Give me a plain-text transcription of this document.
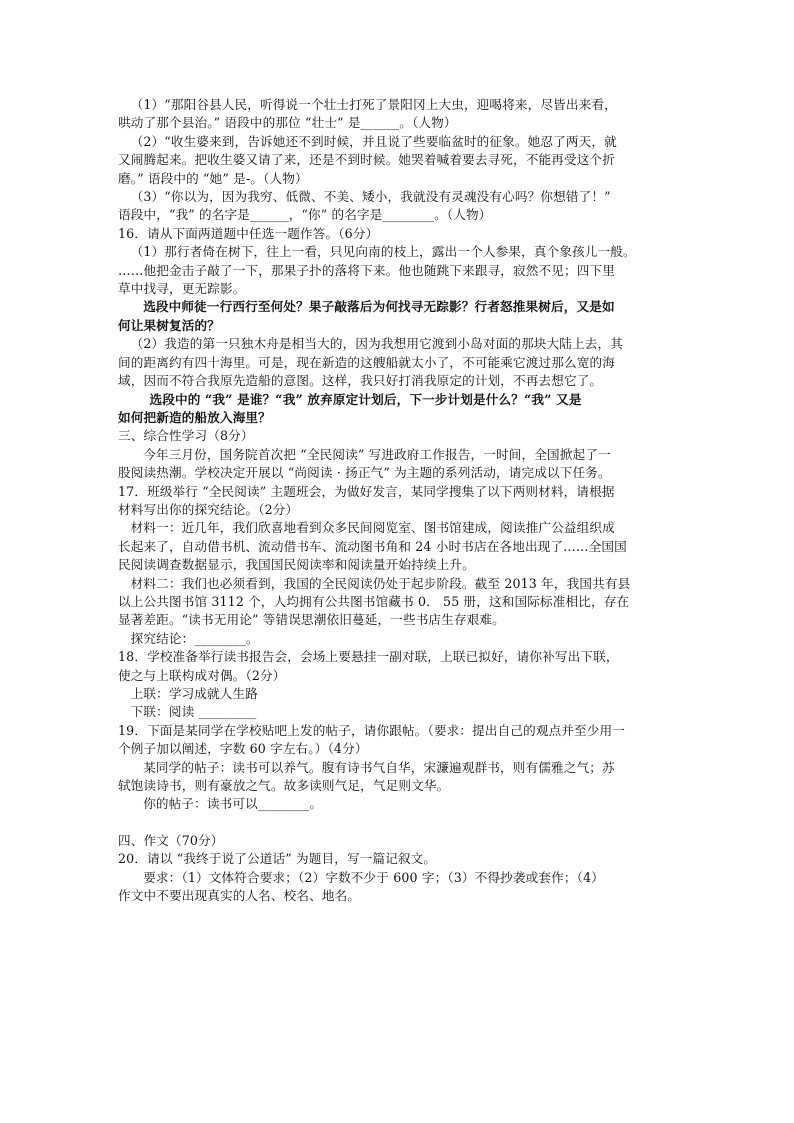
（1）“那阳谷县人民，听得说一个壮士打死了景阳冈上大虫，迎喝将来，尽皆出来看，

哄动了那个县治。” 语段中的那位 “壮士” 是______。（人物）

（2）“收生婆来到，告诉她还不到时候，并且说了些要临盆时的征象。她忍了两天，就

又闹腾起来。把收生婆又请了来，还是不到时候。她哭着喊着要去寻死，不能再受这个折

磨。” 语段中的 “她” 是-。（人物）

（3）“你以为，因为我穷、低微、不美、矮小，我就没有灵魂没有心吗？你想错了！”

语段中，“我” 的名字是______，“你” 的名字是________。（人物）

16．请从下面两道题中任选一题作答。（6分）

（1）那行者倚在树下，往上一看，只见向南的枝上，露出一个人参果，真个象孩儿一般。

……他把金击子敲了一下，那果子扑的落将下来。他也随跳下来跟寻，寂然不见；四下里

草中找寻，更无踪影。

选段中师徒一行西行至何处？果子敲落后为何找寻无踪影？行者怒推果树后，又是如

何让果树复活的？

（2）我造的第一只独木舟是相当大的，因为我想用它渡到小岛对面的那块大陆上去，其

间的距离约有四十海里。可是，现在新造的这艘船就太小了，不可能乘它渡过那么宽的海

域，因而不符合我原先造船的意图。这样，我只好打消我原定的计划，不再去想它了。

选段中的 “我” 是谁？“我” 放弃原定计划后，下一步计划是什么？“我” 又是

如何把新造的船放入海里？

三、综合性学习（8分）

今年三月份，国务院首次把 “全民阅读” 写进政府工作报告，一时间，全国掀起了一

股阅读热潮。学校决定开展以 “尚阅读 · 扬正气” 为主题的系列活动，请完成以下任务。

17．班级举行 “全民阅读” 主题班会，为做好发言，某同学搜集了以下两则材料，请根据

材料写出你的探究结论。（2分）

材料一：近几年，我们欣喜地看到众多民间阅览室、图书馆建成，阅读推广公益组织成

长起来了，自动借书机、流动借书车、流动图书角和 24 小时书店在各地出现了……全国国

民阅读调查数据显示，我国国民阅读率和阅读量开始持续上升。

材料二：我们也必须看到，我国的全民阅读仍处于起步阶段。截至 2013 年，我国共有县

以上公共图书馆 3112 个，人均拥有公共图书馆藏书 0． 55 册，这和国际标准相比，存在

显著差距。“读书无用论” 等错误思潮依旧蔓延，一些书店生存艰难。

探究结论：________。

18．学校准备举行读书报告会，会场上要悬挂一副对联，上联已拟好，请你补写出下联，

使之与上联构成对偶。（2分）

上联：学习成就人生路

下联：阅读 _________

19．下面是某同学在学校贴吧上发的帖子，请你跟帖。（要求：提出自己的观点并至少用一

个例子加以阐述，字数 60 字左右。）（4分）

某同学的帖子：读书可以养气。腹有诗书气自华，宋濂遍观群书，则有儒雅之气；苏

轼饱读诗书，则有豪放之气。故多读则气足，气足则文华。

你的帖子：读书可以________。

四、作文（70分）

20．请以 “我终于说了公道话” 为题目，写一篇记叙文。

要求：（1）文体符合要求；（2）字数不少于 600 字；（3）不得抄袭或套作；（4）

作文中不要出现真实的人名、校名、地名。
